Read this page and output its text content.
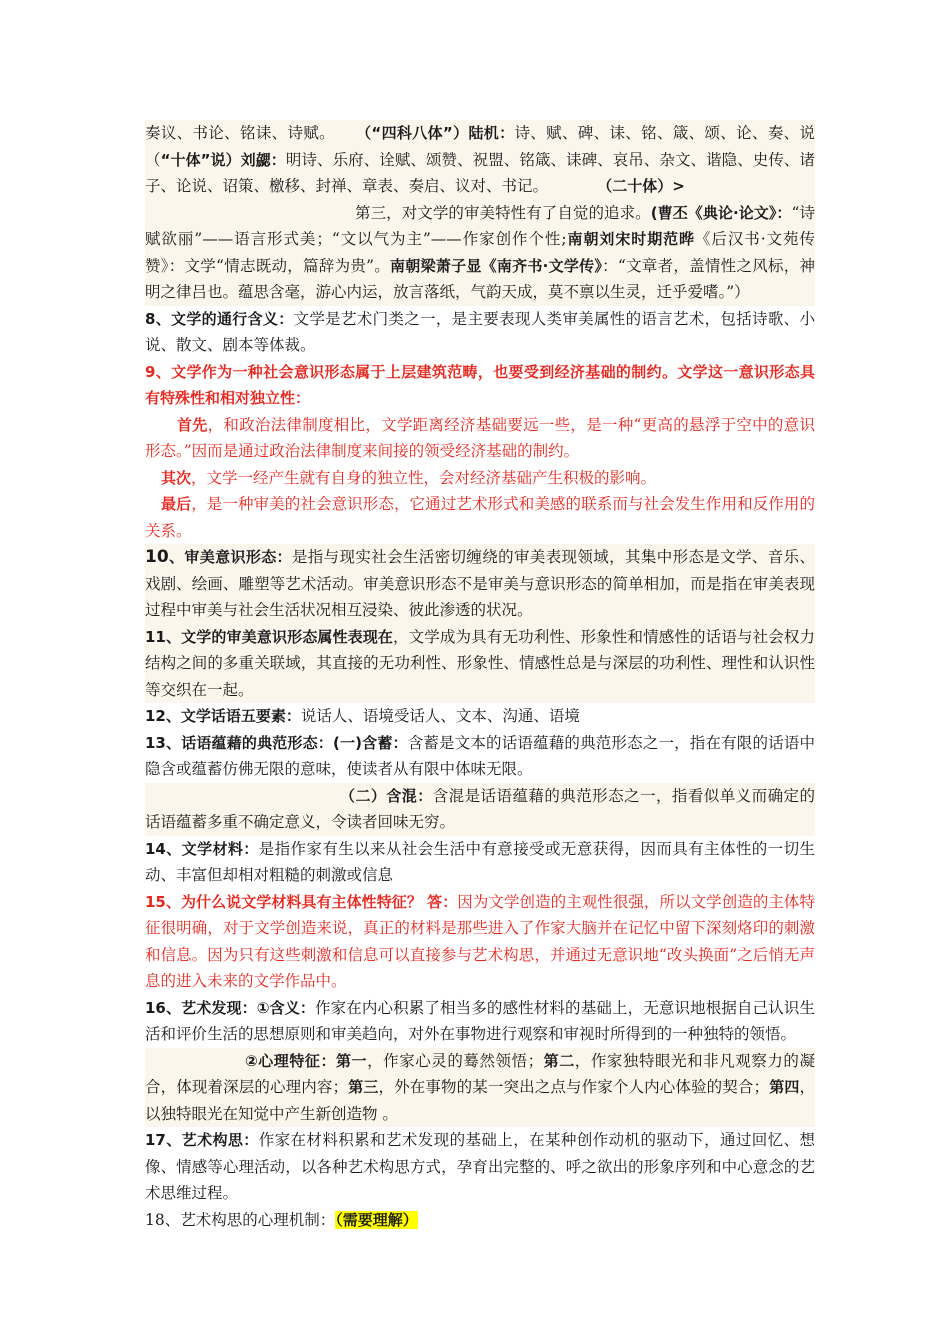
奏议、书论、铭诔、诗赋。 （“四科八体”）陆机：诗、赋、碑、诔、铭、箴、颂、论、奏、说（“十体”说）刘勰：明诗、乐府、诠赋、颂赞、祝盟、铭箴、诔碑、哀吊、杂文、谐隐、史传、诸子、论说、诏策、檄移、封禅、章表、奏启、议对、书记。	（二十体）>

第三，对文学的审美特性有了自觉的追求。(曹丕《典论·论文》：“诗赋欲丽”——语言形式美；“文以气为主”——作家创作个性;南朝刘宋时期范晔《后汉书·文苑传赞》：文学“情志既动，篇辞为贵”。南朝梁萧子显《南齐书·文学传》：“文章者，盖情性之风标，神明之律吕也。蕴思含毫，游心内运，放言落纸，气韵天成，莫不禀以生灵，迁乎爱嗜。”）

8、文学的通行含义：文学是艺术门类之一，是主要表现人类审美属性的语言艺术，包括诗歌、小说、散文、剧本等体裁。

9、文学作为一种社会意识形态属于上层建筑范畴，也要受到经济基础的制约。文学这一意识形态具有特殊性和相对独立性：

首先，和政治法律制度相比，文学距离经济基础要远一些，是一种“更高的悬浮于空中的意识形态。”因而是通过政治法律制度来间接的领受经济基础的制约。

其次，文学一经产生就有自身的独立性，会对经济基础产生积极的影响。

最后，是一种审美的社会意识形态，它通过艺术形式和美感的联系而与社会发生作用和反作用的关系。

10、审美意识形态：是指与现实社会生活密切缠绕的审美表现领域，其集中形态是文学、音乐、戏剧、绘画、雕塑等艺术活动。审美意识形态不是审美与意识形态的简单相加，而是指在审美表现过程中审美与社会生活状况相互浸染、彼此渗透的状况。

11、文学的审美意识形态属性表现在，文学成为具有无功利性、形象性和情感性的话语与社会权力结构之间的多重关联域，其直接的无功利性、形象性、情感性总是与深层的功利性、理性和认识性等交织在一起。

12、文学话语五要素：说话人、语境受话人、文本、沟通、语境

13、话语蕴藉的典范形态：(一)含蓄：含蓄是文本的话语蕴藉的典范形态之一，指在有限的话语中隐含或蕴蓄仿佛无限的意味，使读者从有限中体味无限。

（二）含混：含混是话语蕴藉的典范形态之一，指看似单义而确定的话语蕴蓄多重不确定意义，令读者回味无穷。

14、文学材料：是指作家有生以来从社会生活中有意接受或无意获得，因而具有主体性的一切生动、丰富但却相对粗糙的刺激或信息

15、为什么说文学材料具有主体性特征？ 答：因为文学创造的主观性很强，所以文学创造的主体特征很明确，对于文学创造来说，真正的材料是那些进入了作家大脑并在记忆中留下深刻烙印的刺激和信息。因为只有这些刺激和信息可以直接参与艺术构思，并通过无意识地“改头换面”之后悄无声息的进入未来的文学作品中。

16、艺术发现：①含义：作家在内心积累了相当多的感性材料的基础上，无意识地根据自己认识生活和评价生活的思想原则和审美趋向，对外在事物进行观察和审视时所得到的一种独特的领悟。

②心理特征：第一，作家心灵的蓦然领悟；第二，作家独特眼光和非凡观察力的凝合，体现着深层的心理内容；第三，外在事物的某一突出之点与作家个人内心体验的契合；第四，以独特眼光在知觉中产生新创造物 。

17、艺术构思：作家在材料积累和艺术发现的基础上，在某种创作动机的驱动下，通过回忆、想像、情感等心理活动，以各种艺术构思方式，孕育出完整的、呼之欲出的形象序列和中心意念的艺术思维过程。

18、艺术构思的心理机制：（需要理解）
